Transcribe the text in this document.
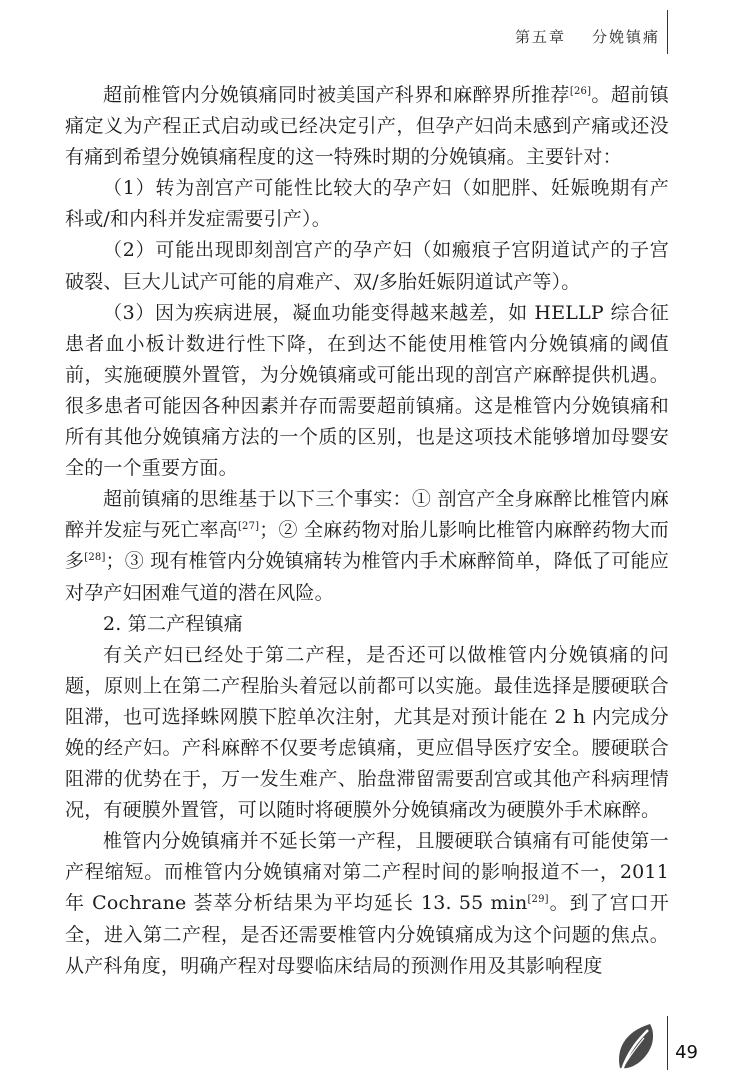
第五章 分娩镇痛

超前椎管内分娩镇痛同时被美国产科界和麻醉界所推荐[26]。超前镇痛定义为产程正式启动或已经决定引产，但孕产妇尚未感到产痛或还没有痛到希望分娩镇痛程度的这一特殊时期的分娩镇痛。主要针对：

（1）转为剖宫产可能性比较大的孕产妇（如肥胖、妊娠晚期有产科或/和内科并发症需要引产）。

（2）可能出现即刻剖宫产的孕产妇（如瘢痕子宫阴道试产的子宫破裂、巨大儿试产可能的肩难产、双/多胎妊娠阴道试产等）。

（3）因为疾病进展，凝血功能变得越来越差，如 HELLP 综合征患者血小板计数进行性下降，在到达不能使用椎管内分娩镇痛的阈值前，实施硬膜外置管，为分娩镇痛或可能出现的剖宫产麻醉提供机遇。很多患者可能因各种因素并存而需要超前镇痛。这是椎管内分娩镇痛和所有其他分娩镇痛方法的一个质的区别，也是这项技术能够增加母婴安全的一个重要方面。

超前镇痛的思维基于以下三个事实：① 剖宫产全身麻醉比椎管内麻醉并发症与死亡率高[27]；② 全麻药物对胎儿影响比椎管内麻醉药物大而多[28]；③ 现有椎管内分娩镇痛转为椎管内手术麻醉简单，降低了可能应对孕产妇困难气道的潜在风险。

2. 第二产程镇痛

有关产妇已经处于第二产程，是否还可以做椎管内分娩镇痛的问题，原则上在第二产程胎头着冠以前都可以实施。最佳选择是腰硬联合阻滞，也可选择蛛网膜下腔单次注射，尤其是对预计能在 2 h 内完成分娩的经产妇。产科麻醉不仅要考虑镇痛，更应倡导医疗安全。腰硬联合阻滞的优势在于，万一发生难产、胎盘滞留需要刮宫或其他产科病理情况，有硬膜外置管，可以随时将硬膜外分娩镇痛改为硬膜外手术麻醉。

椎管内分娩镇痛并不延长第一产程，且腰硬联合镇痛有可能使第一产程缩短。而椎管内分娩镇痛对第二产程时间的影响报道不一，2011 年 Cochrane 荟萃分析结果为平均延长 13. 55 min[29]。到了宫口开全，进入第二产程，是否还需要椎管内分娩镇痛成为这个问题的焦点。从产科角度，明确产程对母婴临床结局的预测作用及其影响程度

49
